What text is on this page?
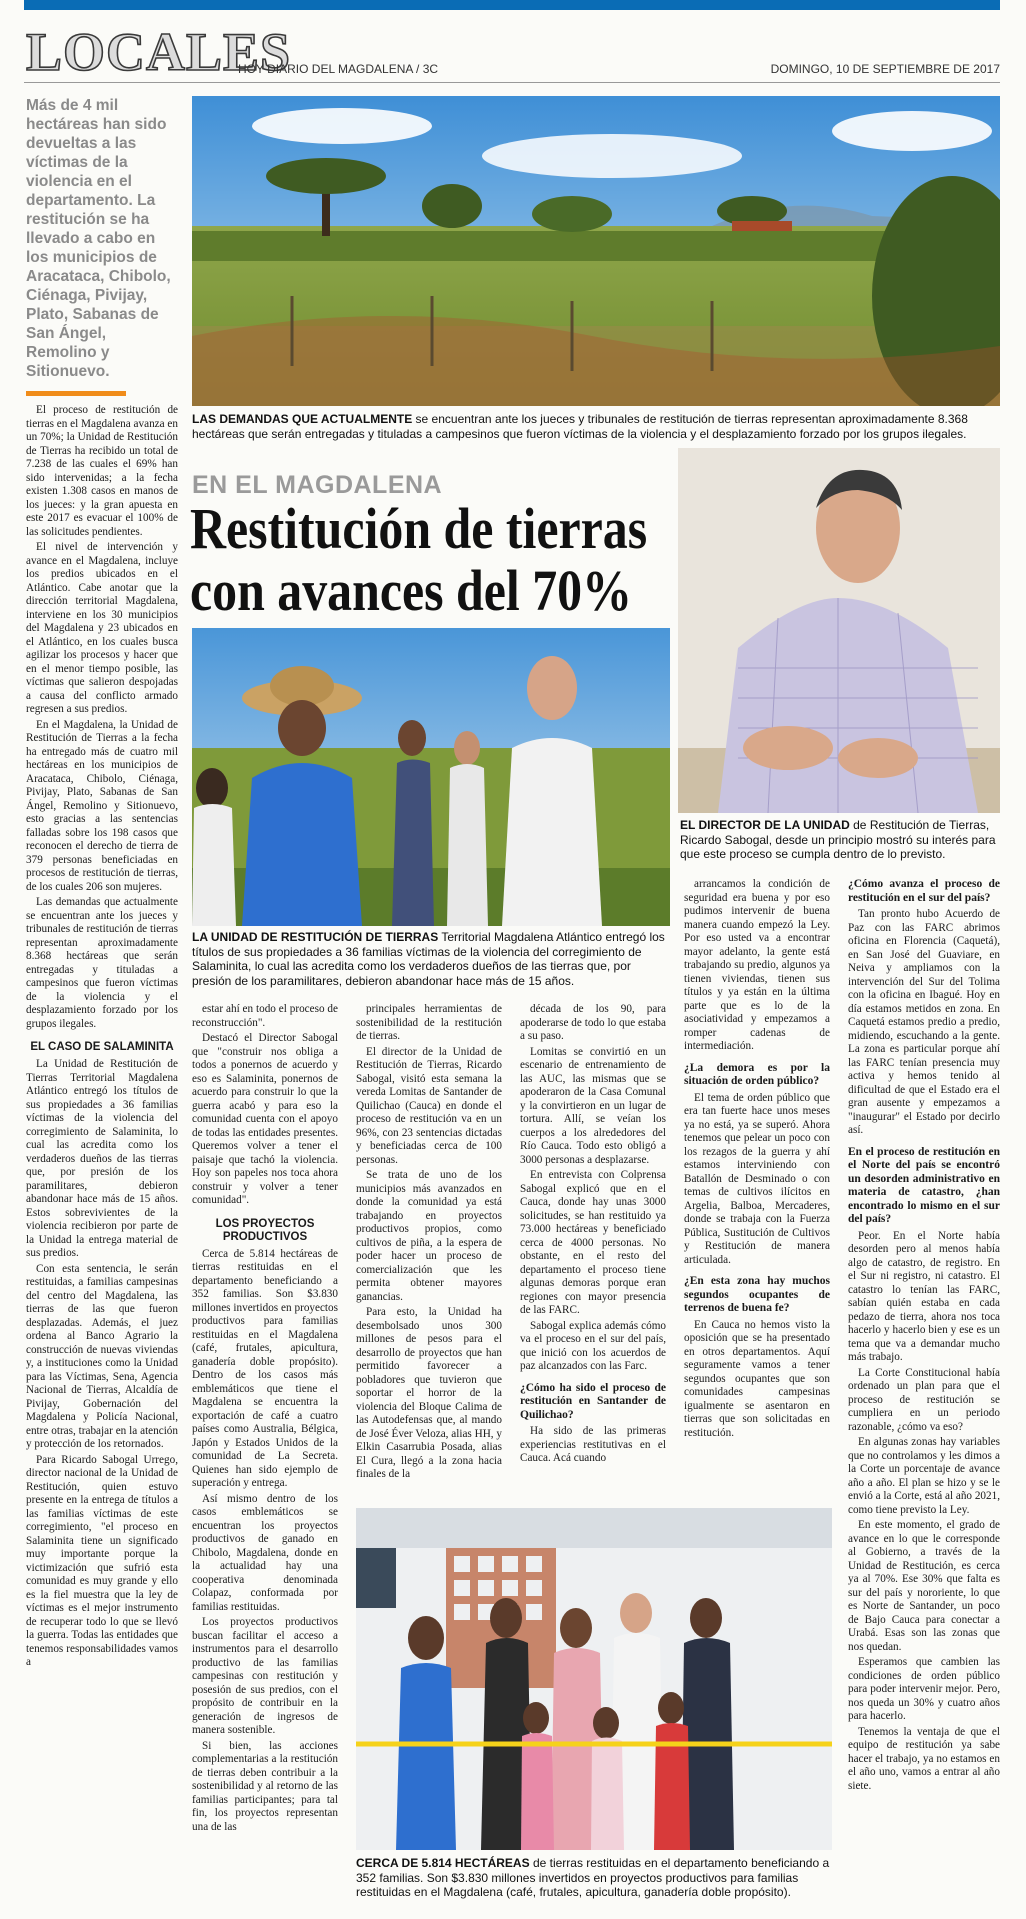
LOCALES
HOY DIARIO DEL MAGDALENA / 3C	DOMINGO, 10 DE SEPTIEMBRE DE 2017
Más de 4 mil hectáreas han sido devueltas a las víctimas de la violencia en el departamento. La restitución se ha llevado a cabo en los municipios de Aracataca, Chibolo, Ciénaga, Pivijay, Plato, Sabanas de San Ángel, Remolino y Sitionuevo.

El proceso de restitución de tierras en el Magdalena avanza en un 70%; la Unidad de Restitución de Tierras ha recibido un total de 7.238 de las cuales el 69% han sido intervenidas; a la fecha existen 1.308 casos en manos de los jueces: y la gran apuesta en este 2017 es evacuar el 100% de las solicitudes pendientes.

El nivel de intervención y avance en el Magdalena, incluye los predios ubicados en el Atlántico. Cabe anotar que la dirección territorial Magdalena, interviene en los 30 municipios del Magdalena y 23 ubicados en el Atlántico, en los cuales busca agilizar los procesos y hacer que en el menor tiempo posible, las víctimas que salieron despojadas a causa del conflicto armado regresen a sus predios.

En el Magdalena, la Unidad de Restitución de Tierras a la fecha ha entregado más de cuatro mil hectáreas en los municipios de Aracataca, Chibolo, Ciénaga, Pivijay, Plato, Sabanas de San Ángel, Remolino y Sitionuevo, esto gracias a las sentencias falladas sobre los 198 casos que reconocen el derecho de tierra de 379 personas beneficiadas en procesos de restitución de tierras, de los cuales 206 son mujeres.

Las demandas que actualmente se encuentran ante los jueces y tribunales de restitución de tierras representan aproximadamente 8.368 hectáreas que serán entregadas y tituladas a campesinos que fueron víctimas de la violencia y el desplazamiento forzado por los grupos ilegales.

EL CASO DE SALAMINITA

La Unidad de Restitución de Tierras Territorial Magdalena Atlántico entregó los títulos de sus propiedades a 36 familias víctimas de la violencia del corregimiento de Salaminita, lo cual las acredita como los verdaderos dueños de las tierras que, por presión de los paramilitares, debieron abandonar hace más de 15 años. Estos sobrevivientes de la violencia recibieron por parte de la Unidad la entrega material de sus predios.

Con esta sentencia, le serán restituidas, a familias campesinas del centro del Magdalena, las tierras de las que fueron desplazadas. Además, el juez ordena al Banco Agrario la construcción de nuevas viviendas y, a instituciones como la Unidad para las Víctimas, Sena, Agencia Nacional de Tierras, Alcaldía de Pivijay, Gobernación del Magdalena y Policía Nacional, entre otras, trabajar en la atención y protección de los retornados.

Para Ricardo Sabogal Urrego, director nacional de la Unidad de Restitución, quien estuvo presente en la entrega de títulos a las familias víctimas de este corregimiento, "el proceso en Salaminita tiene un significado muy importante porque la victimización que sufrió esta comunidad es muy grande y ello es la fiel muestra que la ley de víctimas es el mejor instrumento de recuperar todo lo que se llevó la guerra. Todas las entidades que tenemos responsabilidades vamos a

LAS DEMANDAS QUE ACTUALMENTE se encuentran ante los jueces y tribunales de restitución de tierras representan aproximadamente 8.368 hectáreas que serán entregadas y tituladas a campesinos que fueron víctimas de la violencia y el desplazamiento forzado por los grupos ilegales.
EN EL MAGDALENA
Restitución de tierras
con avances del 70%
EL DIRECTOR DE LA UNIDAD de Restitución de Tierras, Ricardo Sabogal, desde un principio mostró su interés para que este proceso se cumpla dentro de lo previsto.
LA UNIDAD DE RESTITUCIÓN DE TIERRAS Territorial Magdalena Atlántico entregó los títulos de sus propiedades a 36 familias víctimas de la violencia del corregimiento de Salaminita, lo cual las acredita como los verdaderos dueños de las tierras que, por presión de los paramilitares, debieron abandonar hace más de 15 años.

estar ahí en todo el proceso de reconstrucción".

Destacó el Director Sabogal que "construir nos obliga a todos a ponernos de acuerdo y eso es Salaminita, ponernos de acuerdo para construir lo que la guerra acabó y para eso la comunidad cuenta con el apoyo de todas las entidades presentes. Queremos volver a tener el paisaje que tachó la violencia. Hoy son papeles nos toca ahora construir y volver a tener comunidad".

LOS PROYECTOS PRODUCTIVOS

Cerca de 5.814 hectáreas de tierras restituidas en el departamento beneficiando a 352 familias. Son $3.830 millones invertidos en proyectos productivos para familias restituidas en el Magdalena (café, frutales, apicultura, ganadería doble propósito). Dentro de los casos más emblemáticos que tiene el Magdalena se encuentra la exportación de café a cuatro países como Australia, Bélgica, Japón y Estados Unidos de la comunidad de La Secreta. Quienes han sido ejemplo de superación y entrega.

Así mismo dentro de los casos emblemáticos se encuentran los proyectos productivos de ganado en Chibolo, Magdalena, donde en la actualidad hay una cooperativa denominada Colapaz, conformada por familias restituidas.

Los proyectos productivos buscan facilitar el acceso a instrumentos para el desarrollo productivo de las familias campesinas con restitución y posesión de sus predios, con el propósito de contribuir en la generación de ingresos de manera sostenible.

Si bien, las acciones complementarias a la restitución de tierras deben contribuir a la sostenibilidad y al retorno de las familias participantes; para tal fin, los proyectos representan una de las

principales herramientas de sostenibilidad de la restitución de tierras.

El director de la Unidad de Restitución de Tierras, Ricardo Sabogal, visitó esta semana la vereda Lomitas de Santander de Quilichao (Cauca) en donde el proceso de restitución va en un 96%, con 23 sentencias dictadas y beneficiadas cerca de 100 personas.

Se trata de uno de los municipios más avanzados en donde la comunidad ya está trabajando en proyectos productivos propios, como cultivos de piña, a la espera de poder hacer un proceso de comercialización que les permita obtener mayores ganancias.

Para esto, la Unidad ha desembolsado unos 300 millones de pesos para el desarrollo de proyectos que han permitido favorecer a pobladores que tuvieron que soportar el horror de la violencia del Bloque Calima de las Autodefensas que, al mando de José Éver Veloza, alias HH, y Elkin Casarrubia Posada, alias El Cura, llegó a la zona hacia finales de la

década de los 90, para apoderarse de todo lo que estaba a su paso.

Lomitas se convirtió en un escenario de entrenamiento de las AUC, las mismas que se apoderaron de la Casa Comunal y la convirtieron en un lugar de tortura. Allí, se veían los cuerpos a los alrededores del Río Cauca. Todo esto obligó a 3000 personas a desplazarse.

En entrevista con Colprensa Sabogal explicó que en el Cauca, donde hay unas 3000 solicitudes, se han restituido ya 73.000 hectáreas y beneficiado cerca de 4000 personas. No obstante, en el resto del departamento el proceso tiene algunas demoras porque eran regiones con mayor presencia de las FARC.

Sabogal explica además cómo va el proceso en el sur del país, que inició con los acuerdos de paz alcanzados con las Farc.

¿Cómo ha sido el proceso de restitución en Santander de Quilichao?

Ha sido de las primeras experiencias restitutivas en el Cauca. Acá cuando

arrancamos la condición de seguridad era buena y por eso pudimos intervenir de buena manera cuando empezó la Ley. Por eso usted va a encontrar mayor adelanto, la gente está trabajando su predio, algunos ya tienen viviendas, tienen sus títulos y ya están en la última parte que es lo de la asociatividad y empezamos a romper cadenas de intermediación.

¿La demora es por la situación de orden público?

El tema de orden público que era tan fuerte hace unos meses ya no está, ya se superó. Ahora tenemos que pelear un poco con los rezagos de la guerra y ahí estamos interviniendo con Batallón de Desminado o con temas de cultivos ilícitos en Argelia, Balboa, Mercaderes, donde se trabaja con la Fuerza Pública, Sustitución de Cultivos y Restitución de manera articulada.

¿En esta zona hay muchos segundos ocupantes de terrenos de buena fe?

En Cauca no hemos visto la oposición que se ha presentado en otros departamentos. Aquí seguramente vamos a tener segundos ocupantes que son comunidades campesinas igualmente se asentaron en tierras que son solicitadas en restitución.

¿Cómo avanza el proceso de restitución en el sur del país?

Tan pronto hubo Acuerdo de Paz con las FARC abrimos oficina en Florencia (Caquetá), en San José del Guaviare, en Neiva y ampliamos con la intervención del Sur del Tolima con la oficina en Ibagué. Hoy en día estamos metidos en zona. En Caquetá estamos predio a predio, midiendo, escuchando a la gente. La zona es particular porque ahí las FARC tenían presencia muy activa y hemos tenido al dificultad de que el Estado era el gran ausente y empezamos a "inaugurar" el Estado por decirlo así.

En el proceso de restitución en el Norte del país se encontró un desorden administrativo en materia de catastro, ¿han encontrado lo mismo en el sur del país?

Peor. En el Norte había desorden pero al menos había algo de catastro, de registro. En el Sur ni registro, ni catastro. El catastro lo tenían las FARC, sabían quién estaba en cada pedazo de tierra, ahora nos toca hacerlo y hacerlo bien y ese es un tema que va a demandar mucho más trabajo.

La Corte Constitucional había ordenado un plan para que el proceso de restitución se cumpliera en un periodo razonable, ¿cómo va eso?

En algunas zonas hay variables que no controlamos y les dimos a la Corte un porcentaje de avance año a año. El plan se hizo y se le envió a la Corte, está al año 2021, como tiene previsto la Ley.

En este momento, el grado de avance en lo que le corresponde al Gobierno, a través de la Unidad de Restitución, es cerca ya al 70%. Ese 30% que falta es sur del país y nororiente, lo que es Norte de Santander, un poco de Bajo Cauca para conectar a Urabá. Esas son las zonas que nos quedan.

Esperamos que cambien las condiciones de orden público para poder intervenir mejor. Pero, nos queda un 30% y cuatro años para hacerlo.

Tenemos la ventaja de que el equipo de restitución ya sabe hacer el trabajo, ya no estamos en el año uno, vamos a entrar al año siete.

CERCA DE 5.814 HECTÁREAS de tierras restituidas en el departamento beneficiando a 352 familias. Son $3.830 millones invertidos en proyectos productivos para familias restituidas en el Magdalena (café, frutales, apicultura, ganadería doble propósito).
